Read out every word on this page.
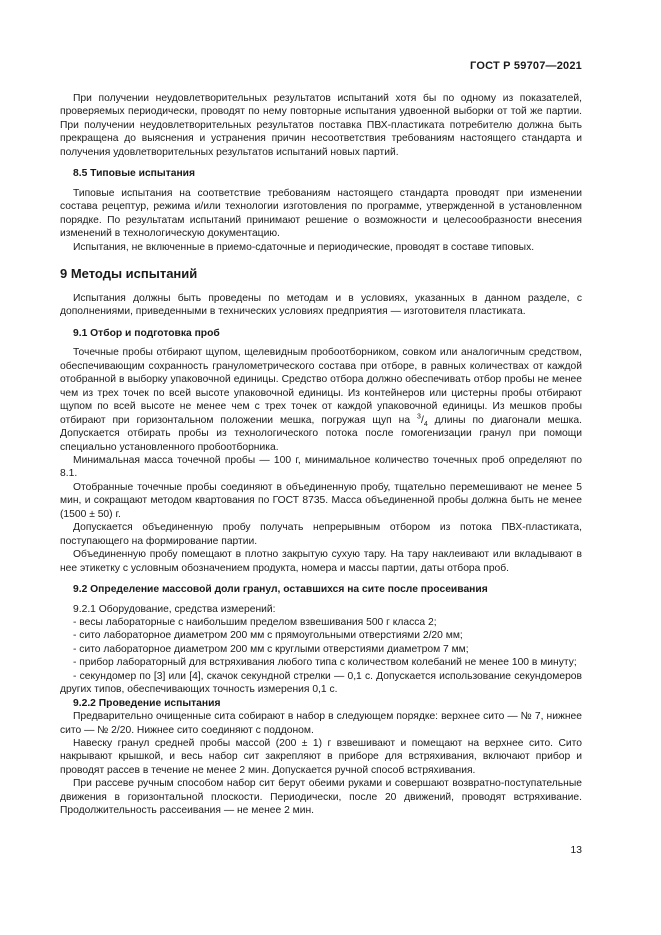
ГОСТ Р 59707—2021

При получении неудовлетворительных результатов испытаний хотя бы по одному из показателей, проверяемых периодически, проводят по нему повторные испытания удвоенной выборки от той же партии. При получении неудовлетворительных результатов поставка ПВХ-пластиката потребителю должна быть прекращена до выяснения и устранения причин несоответствия требованиям настоящего стандарта и получения удовлетворительных результатов испытаний новых партий.

8.5 Типовые испытания

Типовые испытания на соответствие требованиям настоящего стандарта проводят при изменении состава рецептур, режима и/или технологии изготовления по программе, утвержденной в установленном порядке. По результатам испытаний принимают решение о возможности и целесообразности внесения изменений в технологическую документацию.

Испытания, не включенные в приемо-сдаточные и периодические, проводят в составе типовых.

9 Методы испытаний

Испытания должны быть проведены по методам и в условиях, указанных в данном разделе, с дополнениями, приведенными в технических условиях предприятия — изготовителя пластиката.

9.1 Отбор и подготовка проб

Точечные пробы отбирают щупом, щелевидным пробоотборником, совком или аналогичным средством, обеспечивающим сохранность гранулометрического состава при отборе, в равных количествах от каждой отобранной в выборку упаковочной единицы. Средство отбора должно обеспечивать отбор пробы не менее чем из трех точек по всей высоте упаковочной единицы. Из контейнеров или цистерны пробы отбирают щупом по всей высоте не менее чем с трех точек от каждой упаковочной единицы. Из мешков пробы отбирают при горизонтальном положении мешка, погружая щуп на $^3/_4$ длины по диагонали мешка. Допускается отбирать пробы из технологического потока после гомогенизации гранул при помощи специально установленного пробоотборника.

Минимальная масса точечной пробы — 100 г, минимальное количество точечных проб определяют по 8.1.

Отобранные точечные пробы соединяют в объединенную пробу, тщательно перемешивают не менее 5 мин, и сокращают методом квартования по ГОСТ 8735. Масса объединенной пробы должна быть не менее (1500 ± 50) г.

Допускается объединенную пробу получать непрерывным отбором из потока ПВХ-пластиката, поступающего на формирование партии.

Объединенную пробу помещают в плотно закрытую сухую тару. На тару наклеивают или вкладывают в нее этикетку с условным обозначением продукта, номера и массы партии, даты отбора проб.

9.2 Определение массовой доли гранул, оставшихся на сите после просеивания

9.2.1 Оборудование, средства измерений:

- весы лабораторные с наибольшим пределом взвешивания 500 г класса 2;

- сито лабораторное диаметром 200 мм с прямоугольными отверстиями 2/20 мм;

- сито лабораторное диаметром 200 мм с круглыми отверстиями диаметром 7 мм;

- прибор лабораторный для встряхивания любого типа с количеством колебаний не менее 100 в минуту;

- секундомер по [3] или [4], скачок секундной стрелки — 0,1 с. Допускается использование секундомеров других типов, обеспечивающих точность измерения 0,1 с.

9.2.2 Проведение испытания

Предварительно очищенные сита собирают в набор в следующем порядке: верхнее сито — № 7, нижнее сито — № 2/20. Нижнее сито соединяют с поддоном.

Навеску гранул средней пробы массой (200 ± 1) г взвешивают и помещают на верхнее сито. Сито накрывают крышкой, и весь набор сит закрепляют в приборе для встряхивания, включают прибор и проводят рассев в течение не менее 2 мин. Допускается ручной способ встряхивания.

При рассеве ручным способом набор сит берут обеими руками и совершают возвратно-поступательные движения в горизонтальной плоскости. Периодически, после 20 движений, проводят встряхивание. Продолжительность рассеивания — не менее 2 мин.

13
